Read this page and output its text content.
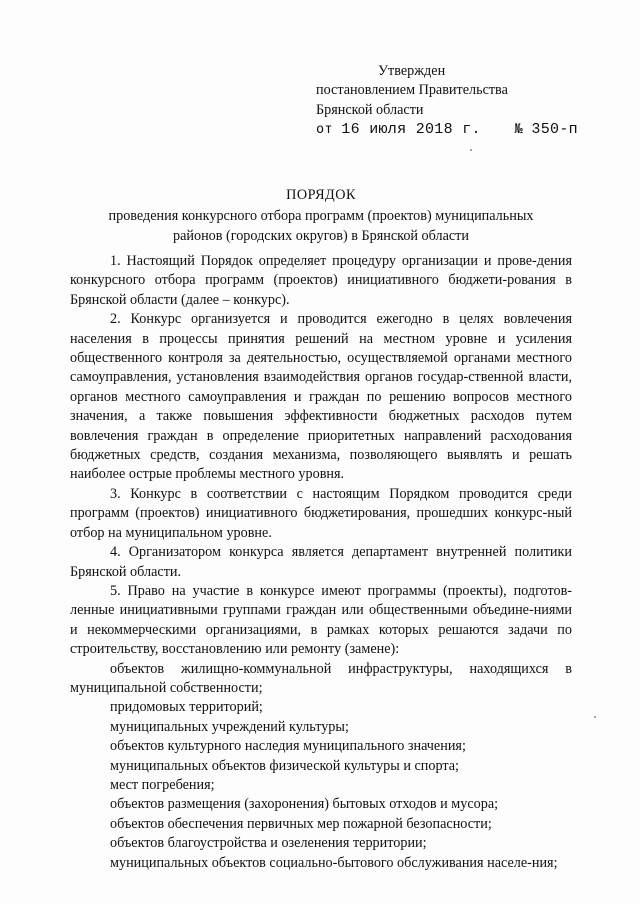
Утвержден
постановлением Правительства
Брянской области
от 16 июля 2018 г. № 350-п
ПОРЯДОК
проведения конкурсного отбора программ (проектов) муниципальных
районов (городских округов) в Брянской области

1. Настоящий Порядок определяет процедуру организации и прове-дения конкурсного отбора программ (проектов) инициативного бюджети-рования в Брянской области (далее – конкурс).

2. Конкурс организуется и проводится ежегодно в целях вовлечения населения в процессы принятия решений на местном уровне и усиления общественного контроля за деятельностью, осуществляемой органами местного самоуправления, установления взаимодействия органов государ-ственной власти, органов местного самоуправления и граждан по решению вопросов местного значения, а также повышения эффективности бюджетных расходов путем вовлечения граждан в определение приоритетных направлений расходования бюджетных средств, создания механизма, позволяющего выявлять и решать наиболее острые проблемы местного уровня.

3. Конкурс в соответствии с настоящим Порядком проводится среди программ (проектов) инициативного бюджетирования, прошедших конкурс-ный отбор на муниципальном уровне.

4. Организатором конкурса является департамент внутренней политики Брянской области.

5. Право на участие в конкурсе имеют программы (проекты), подготов-ленные инициативными группами граждан или общественными объедине-ниями и некоммерческими организациями, в рамках которых решаются задачи по строительству, восстановлению или ремонту (замене):

объектов жилищно-коммунальной инфраструктуры, находящихся в муниципальной собственности;

придомовых территорий;

муниципальных учреждений культуры;

объектов культурного наследия муниципального значения;

муниципальных объектов физической культуры и спорта;

мест погребения;

объектов размещения (захоронения) бытовых отходов и мусора;

объектов обеспечения первичных мер пожарной безопасности;

объектов благоустройства и озеленения территории;

муниципальных объектов социально-бытового обслуживания населе-ния;
